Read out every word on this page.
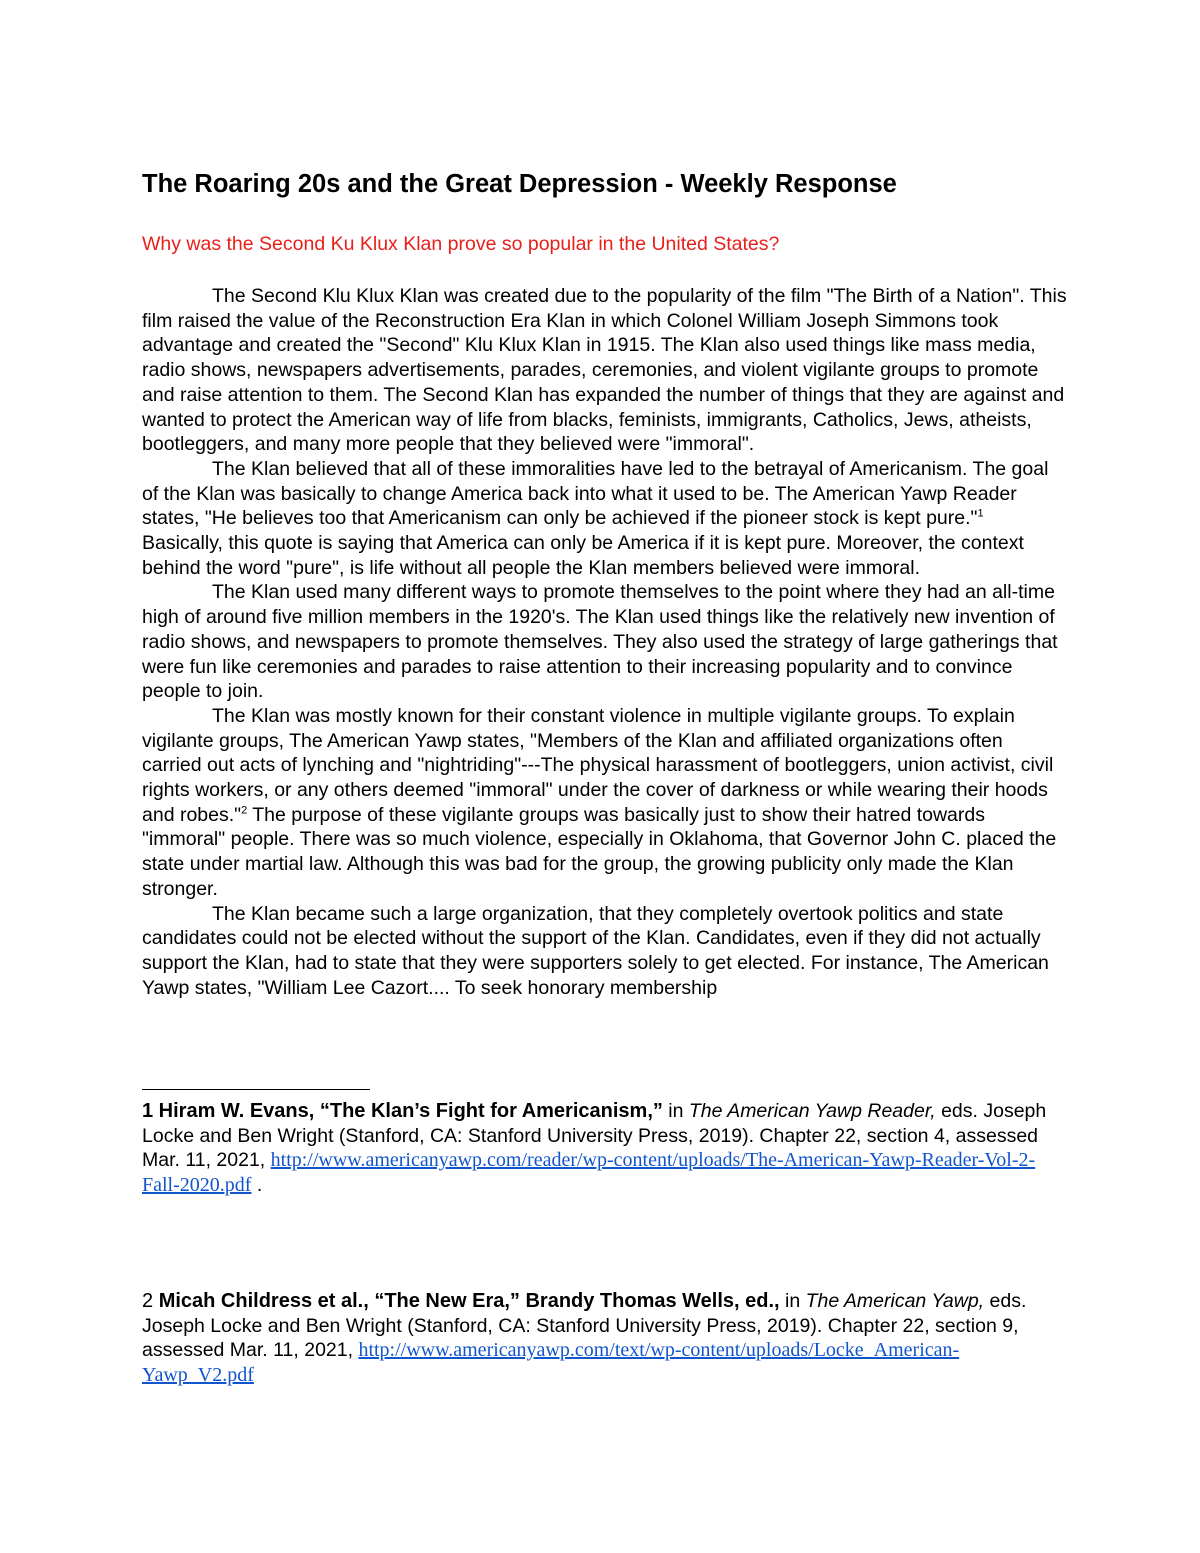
The Roaring 20s and the Great Depression - Weekly Response
Why was the Second Ku Klux Klan prove so popular in the United States?

The Second Klu Klux Klan was created due to the popularity of the film "The Birth of a Nation". This film raised the value of the Reconstruction Era Klan in which Colonel William Joseph Simmons took advantage and created the "Second" Klu Klux Klan in 1915. The Klan also used things like mass media, radio shows, newspapers advertisements, parades, ceremonies, and violent vigilante groups to promote and raise attention to them. The Second Klan has expanded the number of things that they are against and wanted to protect the American way of life from blacks, feminists, immigrants, Catholics, Jews, atheists, bootleggers, and many more people that they believed were "immoral".

The Klan believed that all of these immoralities have led to the betrayal of Americanism. The goal of the Klan was basically to change America back into what it used to be. The American Yawp Reader states, "He believes too that Americanism can only be achieved if the pioneer stock is kept pure."$^1$ Basically, this quote is saying that America can only be America if it is kept pure. Moreover, the context behind the word "pure", is life without all people the Klan members believed were immoral.

The Klan used many different ways to promote themselves to the point where they had an all-time high of around five million members in the 1920's. The Klan used things like the relatively new invention of radio shows, and newspapers to promote themselves. They also used the strategy of large gatherings that were fun like ceremonies and parades to raise attention to their increasing popularity and to convince people to join.

The Klan was mostly known for their constant violence in multiple vigilante groups. To explain vigilante groups, The American Yawp states, "Members of the Klan and affiliated organizations often carried out acts of lynching and "nightriding"---The physical harassment of bootleggers, union activist, civil rights workers, or any others deemed "immoral" under the cover of darkness or while wearing their hoods and robes."$^2$ The purpose of these vigilante groups was basically just to show their hatred towards "immoral" people. There was so much violence, especially in Oklahoma, that Governor John C. placed the state under martial law. Although this was bad for the group, the growing publicity only made the Klan stronger.

The Klan became such a large organization, that they completely overtook politics and state candidates could not be elected without the support of the Klan. Candidates, even if they did not actually support the Klan, had to state that they were supporters solely to get elected. For instance, The American Yawp states, "William Lee Cazort.... To seek honorary membership

1 Hiram W. Evans, “The Klan’s Fight for Americanism,” in The American Yawp Reader, eds. Joseph Locke and Ben Wright (Stanford, CA: Stanford University Press, 2019). Chapter 22, section 4, assessed Mar. 11, 2021, http://www.americanyawp.com/reader/wp-content/uploads/The-American-Yawp-Reader-Vol-2-Fall-2020.pdf .
2 Micah Childress et al., “The New Era,” Brandy Thomas Wells, ed., in The American Yawp, eds. Joseph Locke and Ben Wright (Stanford, CA: Stanford University Press, 2019). Chapter 22, section 9, assessed Mar. 11, 2021, http://www.americanyawp.com/text/wp-content/uploads/Locke_American-Yawp_V2.pdf
